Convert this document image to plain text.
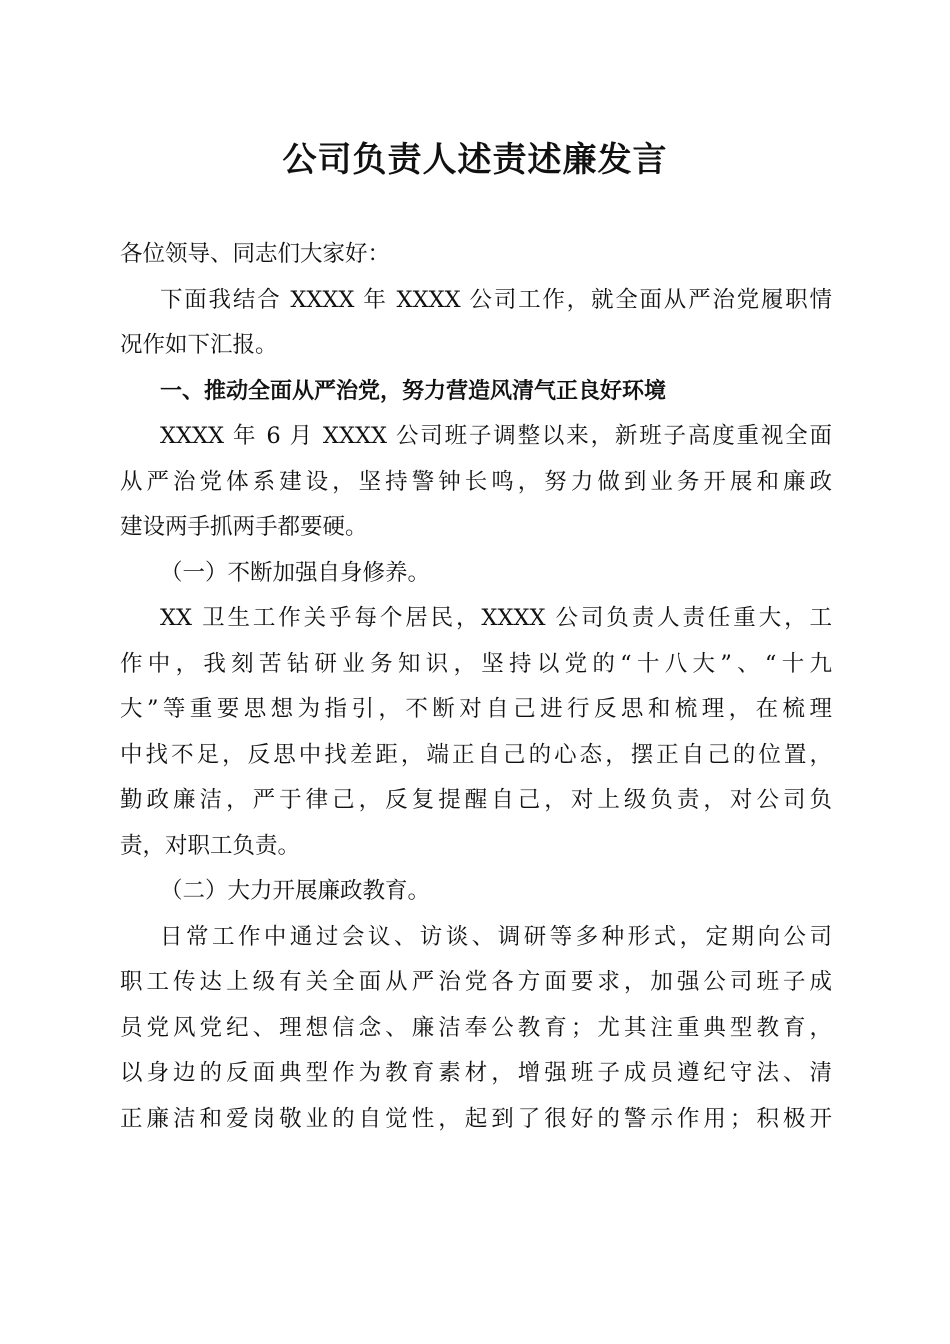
公司负责人述责述廉发言
各位领导、同志们大家好：
下面我结合 XXXX 年 XXXX 公司工作，就全面从严治党履职情
况作如下汇报。
一、推动全面从严治党，努力营造风清气正良好环境
XXXX 年 6 月 XXXX 公司班子调整以来，新班子高度重视全面
从严治党体系建设，坚持警钟长鸣，努力做到业务开展和廉政
建设两手抓两手都要硬。
（一）不断加强自身修养。
XX 卫生工作关乎每个居民，XXXX 公司负责人责任重大，工
作中，我刻苦钻研业务知识，坚持以党的“十八大”、“十九
大”等重要思想为指引，不断对自己进行反思和梳理，在梳理
中找不足，反思中找差距，端正自己的心态，摆正自己的位置，
勤政廉洁，严于律己，反复提醒自己，对上级负责，对公司负
责，对职工负责。
（二）大力开展廉政教育。
日常工作中通过会议、访谈、调研等多种形式，定期向公司
职工传达上级有关全面从严治党各方面要求，加强公司班子成
员党风党纪、理想信念、廉洁奉公教育；尤其注重典型教育，
以身边的反面典型作为教育素材，增强班子成员遵纪守法、清
正廉洁和爱岗敬业的自觉性，起到了很好的警示作用；积极开
